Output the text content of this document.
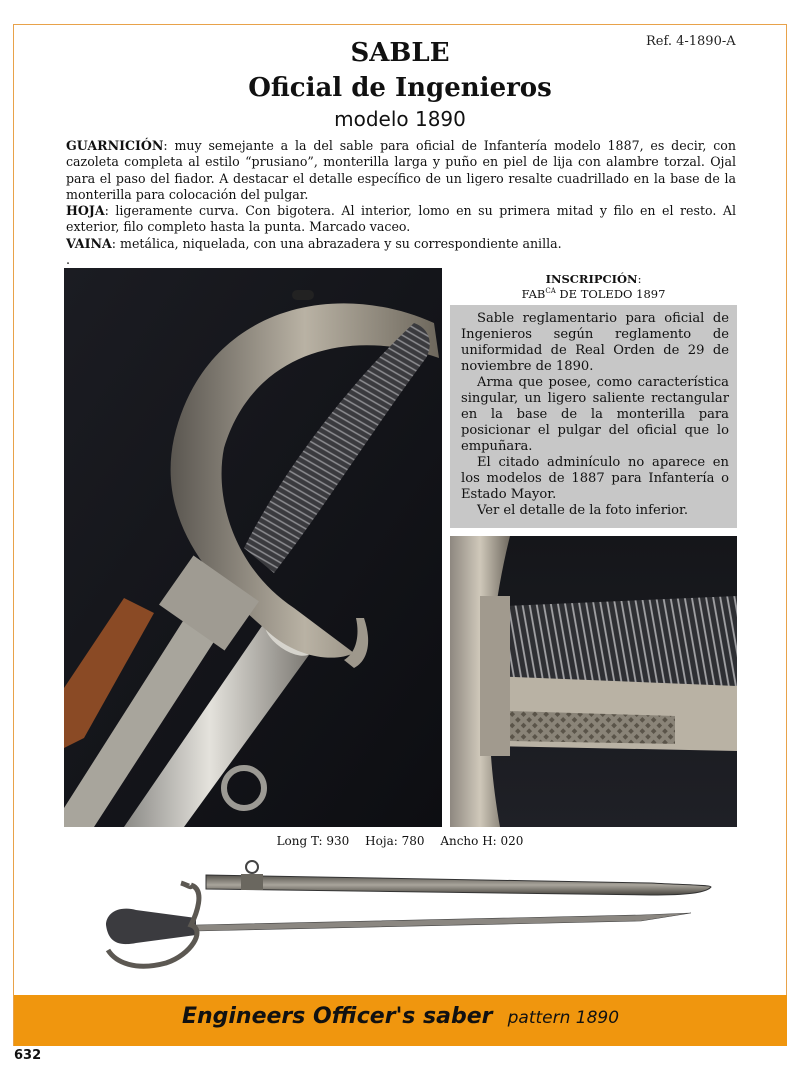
Ref. 4-1890-A
SABLE
Oficial de Ingenieros
modelo 1890

GUARNICIÓN: muy semejante a la del sable para oficial de Infantería modelo 1887, es decir, con cazoleta completa al estilo “prusiano”, monterilla larga y puño en piel de lija con alambre torzal. Ojal para el paso del fiador. A destacar el detalle específico de un ligero resalte cuadrillado en la base de la monterilla para colocación del pulgar.

HOJA: ligeramente curva. Con bigotera. Al interior, lomo en su primera mitad y filo en el resto. Al exterior, filo completo hasta la punta. Marcado vaceo.

VAINA: metálica, niquelada, con una abrazadera y su correspondiente anilla.

.

INSCRIPCIÓN:
$FAB^{CA}$ DE TOLEDO 1897

Sable reglamentario para oficial de Ingenieros según reglamento de uniformidad de Real Orden de 29 de noviembre de 1890.

Arma que posee, como característica singular, un ligero saliente rectangular en la base de la monterilla para posicionar el pulgar del oficial que lo empuñara.

El citado adminículo no aparece en los modelos de 1887 para Infantería o Estado Mayor.

Ver el detalle de la foto inferior.

Long T: 930 Hoja: 780 Ancho H: 020
Engineers Officer's saber pattern 1890
632
